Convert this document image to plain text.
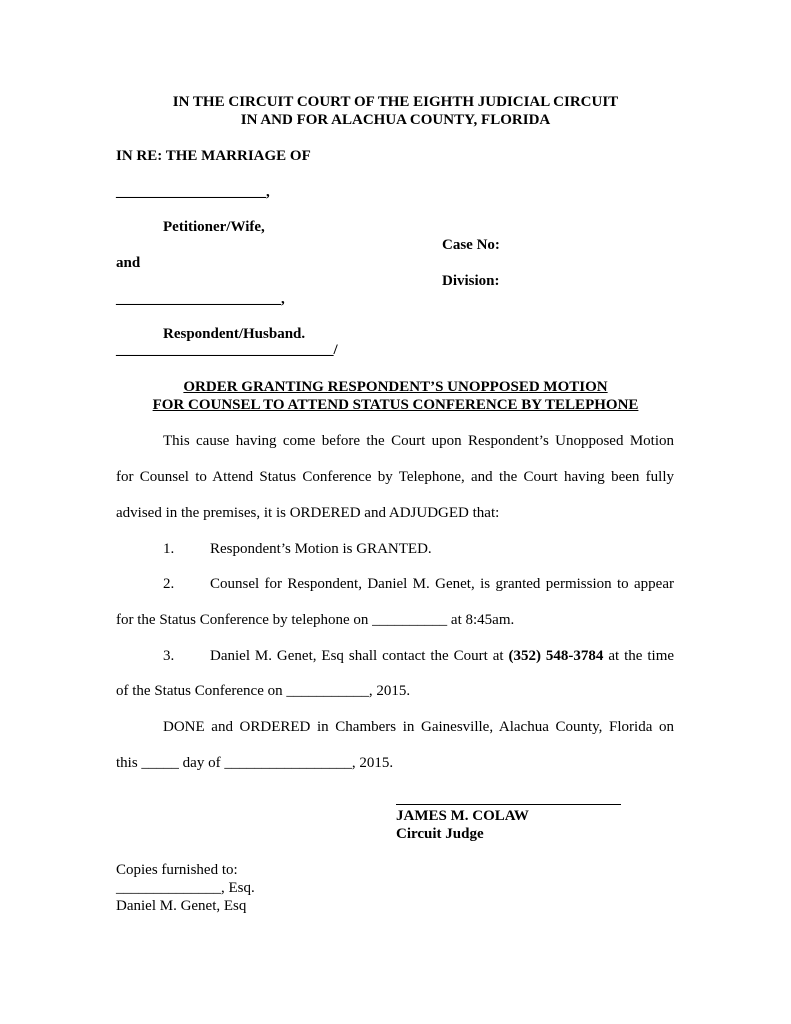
IN THE CIRCUIT COURT OF THE EIGHTH JUDICIAL CIRCUIT
IN AND FOR ALACHUA COUNTY, FLORIDA
IN RE: THE MARRIAGE OF
____________________,
Petitioner/Wife,
Case No:
and
Division:
______________________,
Respondent/Husband.
_____________________________/
ORDER GRANTING RESPONDENT’S UNOPPOSED MOTION
FOR COUNSEL TO ATTEND STATUS CONFERENCE BY TELEPHONE
This cause having come before the Court upon Respondent’s Unopposed Motion
for Counsel to Attend Status Conference by Telephone, and the Court having been fully
advised in the premises, it is ORDERED and ADJUDGED that:
1. Respondent’s Motion is GRANTED.
2. Counsel for Respondent, Daniel M. Genet, is granted permission to appear
for the Status Conference by telephone on __________ at 8:45am.
3. Daniel M. Genet, Esq shall contact the Court at (352) 548-3784 at the time
of the Status Conference on ___________, 2015.
DONE and ORDERED in Chambers in Gainesville, Alachua County, Florida on
this _____ day of _________________, 2015.
JAMES M. COLAW
Circuit Judge
Copies furnished to:
______________, Esq.
Daniel M. Genet, Esq
